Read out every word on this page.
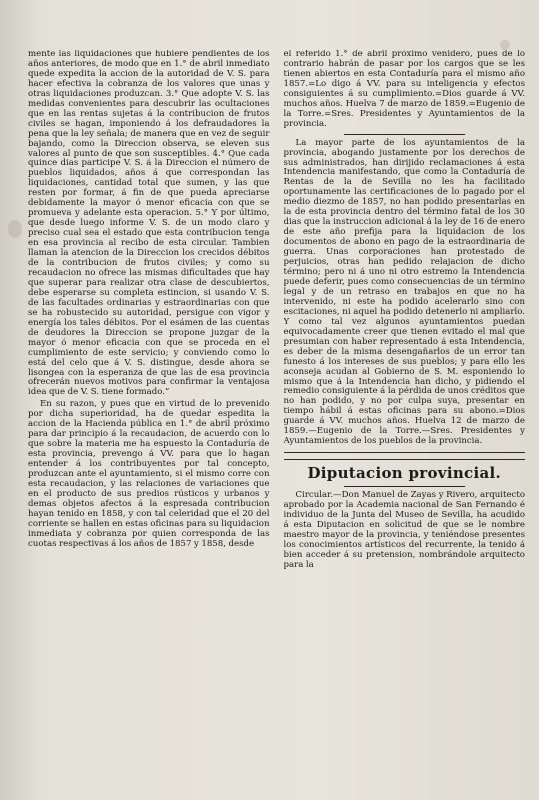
mente las liquidaciones que hubiere pendientes de los años anteriores, de modo que en 1.° de abril inmediato quede expedita la accion de la autoridad de V. S. para hacer efectiva la cobranza de los valores que unas y otras liquidaciones produzcan. 3.° Que adopte V. S. las medidas convenientes para descubrir las ocultaciones que en las rentas sujetas á la contribucion de frutos civiles se hagan, imponiendo á los defraudadores la pena que la ley señala; de manera que en vez de seguir bajando, como la Direccion observa, se eleven sus valores al punto de que son susceptibles. 4.° Que cada quince dias participe V. S. á la Direccion el número de pueblos liquidados, años á que correspondan las liquidaciones, cantidad total que sumen, y las que resten por formar, á fin de que pueda apreciarse debidamente la mayor ó menor eficacia con que se promueva y adelante esta operacion. 5.° Y por último, que desde luego informe V. S. de un modo claro y preciso cual sea el estado que esta contribucion tenga en esa provincia al recibo de esta circular. Tambien llaman la atencion de la Direccion los crecidos débitos de la contribucion de frutos civiles; y como su recaudacion no ofrece las mismas dificultades que hay que superar para realizar otra clase de descubiertos, debe esperarse su completa estincion, si usando V. S. de las facultades ordinarias y estraordinarias con que se ha robustecido su autoridad, persigue con vigor y energía los tales débitos. Por el esámen de las cuentas de deudores la Direccion se propone juzgar de la mayor ó menor eficacia con que se proceda en el cumplimiento de este servicio; y conviendo como lo está del celo que á V. S. distingue, desde ahora se lisongea con la esperanza de que las de esa provincia ofrecerán nuevos motivos para confirmar la ventajosa idea que de V. S. tiene formado.”

En su razon, y pues que en virtud de lo prevenido por dicha superioridad, ha de quedar espedita la accion de la Hacienda pública en 1.° de abril próximo para dar principio á la recaudacion, de acuerdo con lo que sobre la materia me ha espuesto la Contaduría de esta provincia, prevengo á VV. para que lo hagan entender á los contribuyentes por tal concepto, produzcan ante el ayuntamiento, si el mismo corre con esta recaudacion, y las relaciones de variaciones que en el producto de sus predios rústicos y urbanos y demas objetos afectos á la espresada contribucion hayan tenido en 1858, y con tal celeridad que el 20 del corriente se hallen en estas oficinas para su liquidacion inmediata y cobranza por quien corresponda de las cuotas respectivas á los años de 1857 y 1858, desde

el referido 1.° de abril próximo venidero, pues de lo contrario habrán de pasar por los cargos que se les tienen abiertos en esta Contaduría para el mismo año 1857.=Lo digo á VV. para su inteligencia y efectos consiguientes á su cumplimiento.=Dios guarde á VV. muchos años. Huelva 7 de marzo de 1859.=Eugenio de la Torre.=Sres. Presidentes y Ayuntamientos de la provincia.

La mayor parte de los ayuntamientos de la provincia, abogando justamente por los derechos de sus administrados, han dirijido reclamaciones á esta Intendencia manifestando, que como la Contaduría de Rentas de la de Sevilla no les ha facilitado oportunamente las certificaciones de lo pagado por el medio diezmo de 1857, no han podido presentarlas en la de esta provincia dentro del término fatal de los 30 dias que la instruccion adicional á la ley de 16 de enero de este año prefija para la liquidacion de los documentos de abono en pago de la estraordinaria de guerra. Unas corporaciones han protestado de perjuicios, otras han pedido relajacion de dicho término; pero ni á uno ni otro estremo la Intendencia puede deferir, pues como consecuencias de un término legal y de un retraso en trabajos en que no ha intervenido, ni este ha podido acelerarlo sino con escitaciones, ni aquel ha podido detenerlo ni ampliarlo. Y como tal vez algunos ayuntamientos puedan equivocadamente creer que tienen evitado el mal que presumian con haber representado á esta Intendencia, es deber de la misma desengañarlos de un error tan funesto á los intereses de sus pueblos; y para ello les aconseja acudan al Gobierno de S. M. esponiendo lo mismo que á la Intendencia han dicho, y pidiendo el remedio consiguiente á la pérdida de unos créditos que no han podido, y no por culpa suya, presentar en tiempo hábil á estas oficinas para su abono.=Dios guarde á VV. muchos años. Huelva 12 de marzo de 1859.—Eugenio de la Torre.—Sres. Presidentes y Ayuntamientos de los pueblos de la provincia.

Diputacion provincial.

Circular.—Don Manuel de Zayas y Rivero, arquitecto aprobado por la Academia nacional de San Fernando é individuo de la Junta del Museo de Sevilla, ha acudido á esta Diputacion en solicitud de que se le nombre maestro mayor de la provincia, y teniéndose presentes los conocimientos artísticos del recurrente, la tenido á bien acceder á su pretension, nombrándole arquitecto para la
